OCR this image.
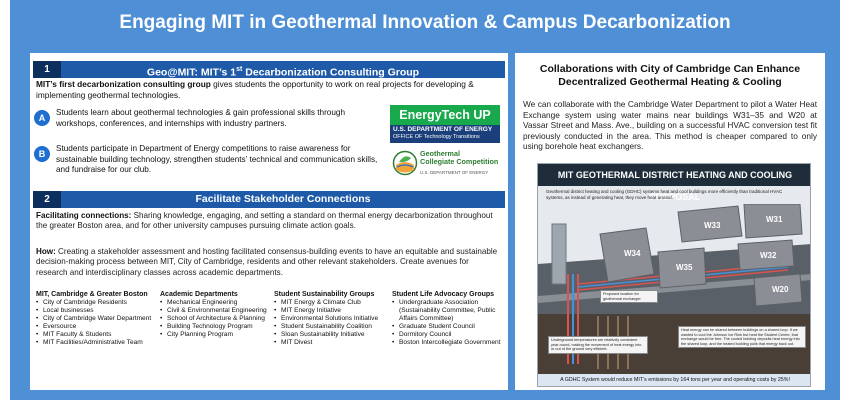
Engaging MIT in Geothermal Innovation & Campus Decarbonization
1	Geo@MIT: MIT’s 1st Decarbonization Consulting Group
MIT’s first decarbonization consulting group gives students the opportunity to work on real projects for developing & implementing geothermal technologies.
A
Students learn about geothermal technologies & gain professional skills through workshops, conferences, and internships with industry partners.
B
Students participate in Department of Energy competitions to raise awareness for sustainable building technology, strengthen students’ technical and communication skills, and fundraise for our club.
EnergyTech UP
U.S. DEPARTMENT OF ENERGY
OFFICE OF Technology Transitions
Geothermal
Collegiate Competition
U.S. DEPARTMENT OF ENERGY
2	Facilitate Stakeholder Connections
Facilitating connections: Sharing knowledge, engaging, and setting a standard on thermal energy decarbonization throughout the greater Boston area, and for other university campuses pursuing climate action goals.
How: Creating a stakeholder assessment and hosting facilitated consensus-building events to have an equitable and sustainable decision-making process between MIT, City of Cambridge, residents and other relevant stakeholders. Create avenues for research and interdisciplinary classes across academic departments.
MIT, Cambridge & Greater Boston
• City of Cambridge Residents
• Local businesses
• City of Cambridge Water Department
• Eversource
• MIT Faculty & Students
• MIT Facilities/Administrative Team
Academic Departments
• Mechanical Engineering
• Civil & Environmental Engineering
• School of Architecture & Planning
• Building Technology Program
• City Planning Program
Student Sustainability Groups
• MIT Energy & Climate Club
• MIT Energy Initiative
• Environmental Solutions Initiative
• Student Sustainability Coalition
• Sloan Sustainability Initiative
• MIT Divest
Student Life Advocacy Groups
• Undergraduate Association (Sustainability Committee, Public Affairs Committee)
• Graduate Student Council
• Dormitory Council
• Boston Intercollegiate Government
Collaborations with City of Cambridge Can Enhance Decentralized Geothermal Heating & Cooling
We can collaborate with the Cambridge Water Department to pilot a Water Heat Exchange system using water mains near buildings W31–35 and W20 at Vassar Street and Mass. Ave., building on a successful HVAC conversion test fit previously conducted in the area. This method is cheaper compared to only using borehole heat exchangers.
MIT GEOTHERMAL DISTRICT HEATING AND COOLING PROPOSAL
Geothermal district heating and cooling (GDHC) systems heat and cool buildings more efficiently than traditional HVAC systems, as instead of generating heat, they move heat around.
W34
W33
W31
W32
W35
W20
Proposed location for geothermal exchanger
Underground temperatures are relatively consistent year-round, making the movement of heat energy into or out of the ground very efficient.
Heat energy can be shared between buildings on a shared loop. If we wanted to cool the Johnson Ice Rink but heat the Student Center, that exchange would be free. The cooled building deposits heat energy into the shared loop, and the heated building pulls that energy back out.
A GDHC System would reduce MIT’s emissions by 164 tons per year and operating costs by 25%!
